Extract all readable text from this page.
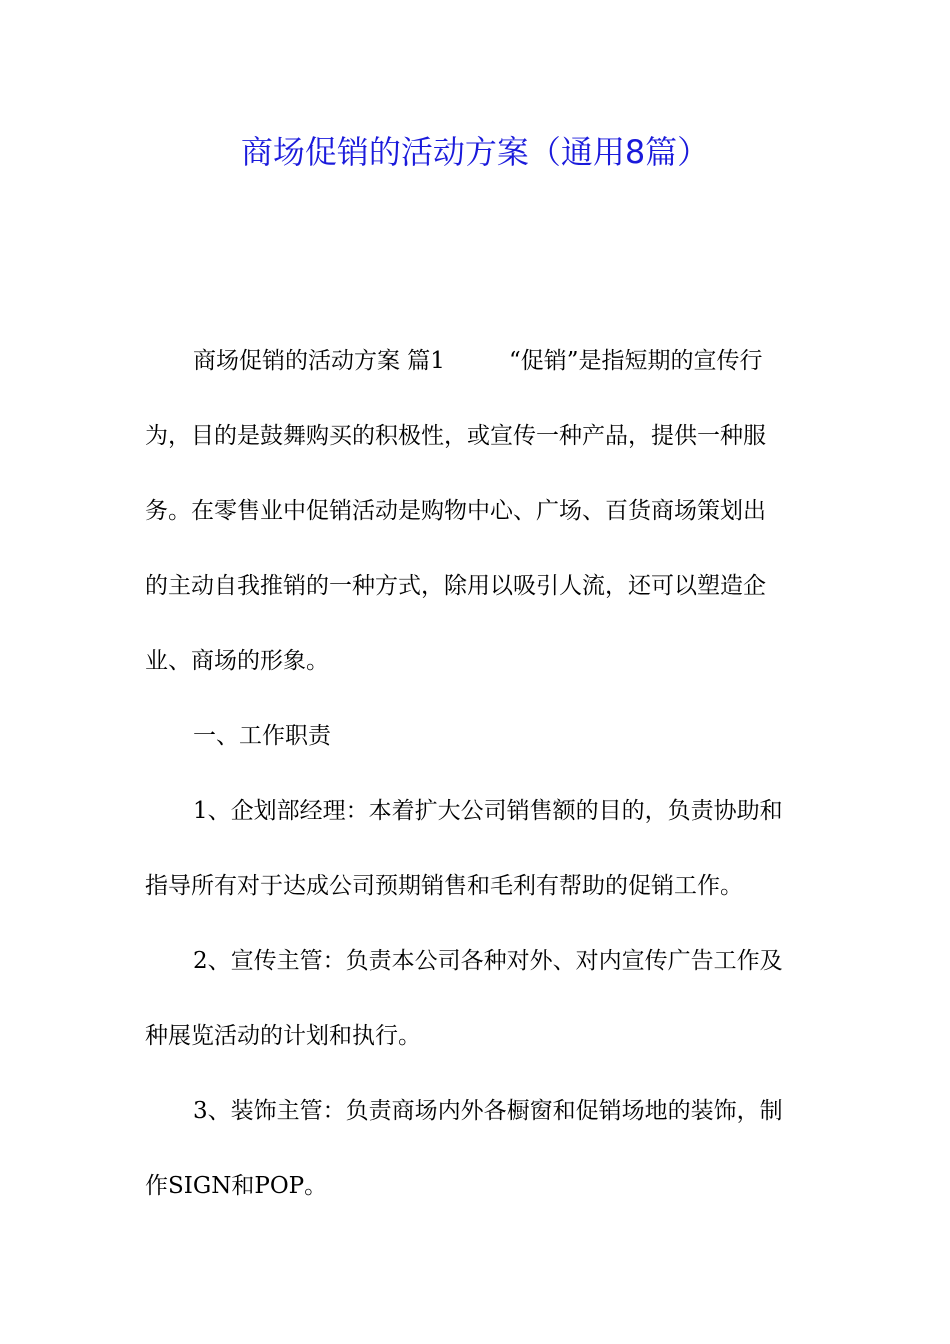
商场促销的活动方案（通用8篇）
商场促销的活动方案 篇1	“促销”是指短期的宣传行
为，目的是鼓舞购买的积极性，或宣传一种产品，提供一种服
务。在零售业中促销活动是购物中心、广场、百货商场策划出
的主动自我推销的一种方式，除用以吸引人流，还可以塑造企
业、商场的形象。
一、工作职责
1、企划部经理：本着扩大公司销售额的目的，负责协助和
指导所有对于达成公司预期销售和毛利有帮助的促销工作。
2、宣传主管：负责本公司各种对外、对内宣传广告工作及
种展览活动的计划和执行。
3、装饰主管：负责商场内外各橱窗和促销场地的装饰，制
作SIGN和POP。
